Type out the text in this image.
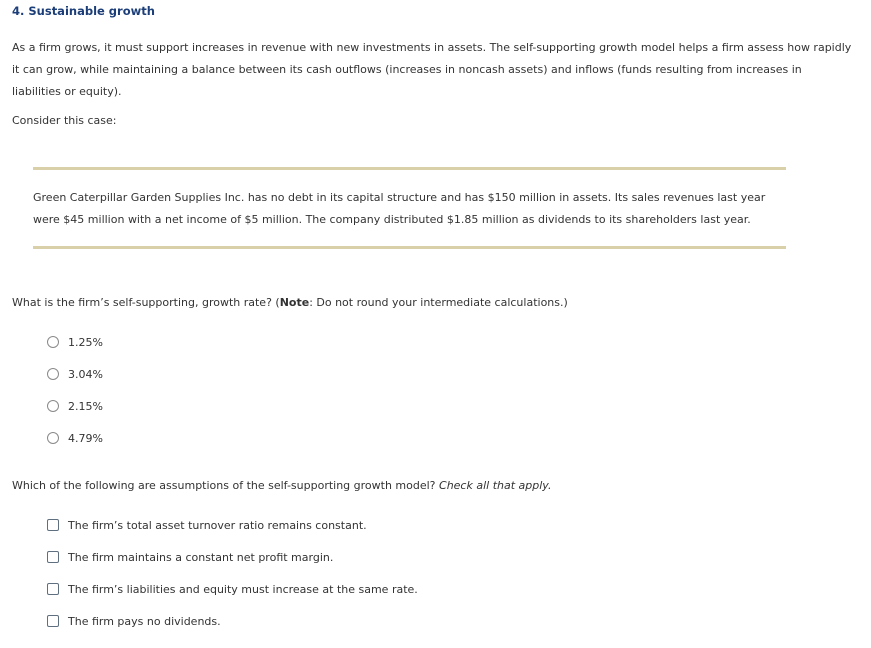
4. Sustainable growth
As a firm grows, it must support increases in revenue with new investments in assets. The self-supporting growth model helps a firm assess how rapidly it can grow, while maintaining a balance between its cash outflows (increases in noncash assets) and inflows (funds resulting from increases in liabilities or equity).
Consider this case:
Green Caterpillar Garden Supplies Inc. has no debt in its capital structure and has $150 million in assets. Its sales revenues last year were $45 million with a net income of $5 million. The company distributed $1.85 million as dividends to its shareholders last year.
What is the firm’s self-supporting, growth rate? (Note: Do not round your intermediate calculations.)
1.25%
3.04%
2.15%
4.79%
Which of the following are assumptions of the self-supporting growth model? Check all that apply.
The firm’s total asset turnover ratio remains constant.
The firm maintains a constant net profit margin.
The firm’s liabilities and equity must increase at the same rate.
The firm pays no dividends.
